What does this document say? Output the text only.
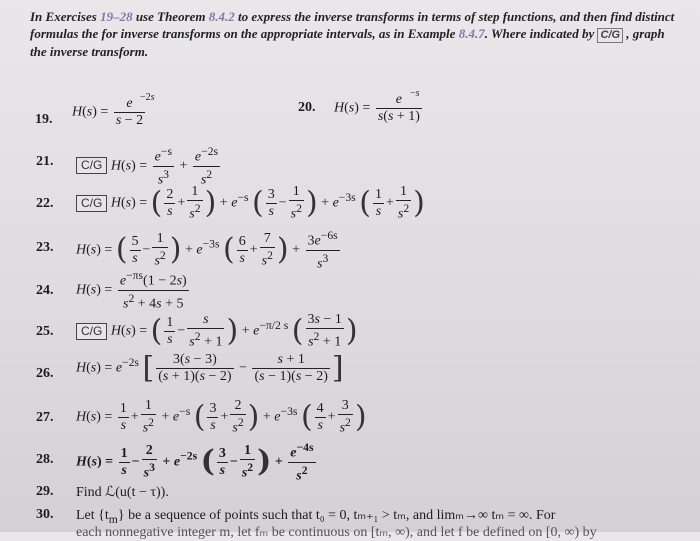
In Exercises 19–28 use Theorem 8.4.2 to express the inverse transforms in terms of step functions, and then find distinct formulas the for inverse transforms on the appropriate intervals, as in Example 8.4.7. Where indicated by C/G , graph the inverse transform.
19. $H(s) = \frac{e}{s - 2}$
−2s
20. $H(s) = \frac{e}{s(s + 1)}$
−s
21.	C/G $H(s) = \frac{e^{-s}}{s^3} + \frac{e^{-2s}}{s^2}$
22.	C/G H(s) = ( $\frac{2}{s} + \frac{1}{s^2}$ ) + $e^{-s}$ ( $\frac{3}{s} - \frac{1}{s^2}$ ) + $e^{-3s}$ ( $\frac{1}{s} + \frac{1}{s^2}$ )
23. H(s) = ( $\frac{5}{s} - \frac{1}{s^2}$ ) + $e^{-3s}$ ( $\frac{6}{s} + \frac{7}{s^2}$ ) + $\frac{3e^{-6s}}{s^3}$
24. $H(s) = \frac{e^{-\pi s}(1 - 2s)}{s^2 + 4s + 5}$
25.	C/G H(s) = ( $\frac{1}{s} - \frac{s}{s^2 + 1}$ ) + $e^{-\pi/2 s}$ ( $\frac{3s - 1}{s^2 + 1}$ )
26. $H(s) = e^{-2s}$ [ $\frac{3(s - 3)}{(s + 1)(s - 2)} - \frac{s + 1}{(s - 1)(s - 2)}$ ]
27. $H(s) = \frac{1}{s} + \frac{1}{s^2} + e^{-s}$ ( $\frac{3}{s} + \frac{2}{s^2}$ ) + $e^{-3s}$ ( $\frac{4}{s} + \frac{3}{s^2}$ )
28. $H(s) = \frac{1}{s} - \frac{2}{s^3} + e^{-2s}$ ( $\frac{3}{s} - \frac{1}{s^2}$ ) + $\frac{e^{-4s}}{s^2}$
29. Find ℒ(u(t − τ)).
30. Let $\{t_m\}$ be a sequence of points such that t₀ = 0, tₘ₊₁ > tₘ, and limₘ→∞ tₘ = ∞. For
each nonnegative integer m, let fₘ be continuous on [tₘ, ∞), and let f be defined on [0, ∞) by
